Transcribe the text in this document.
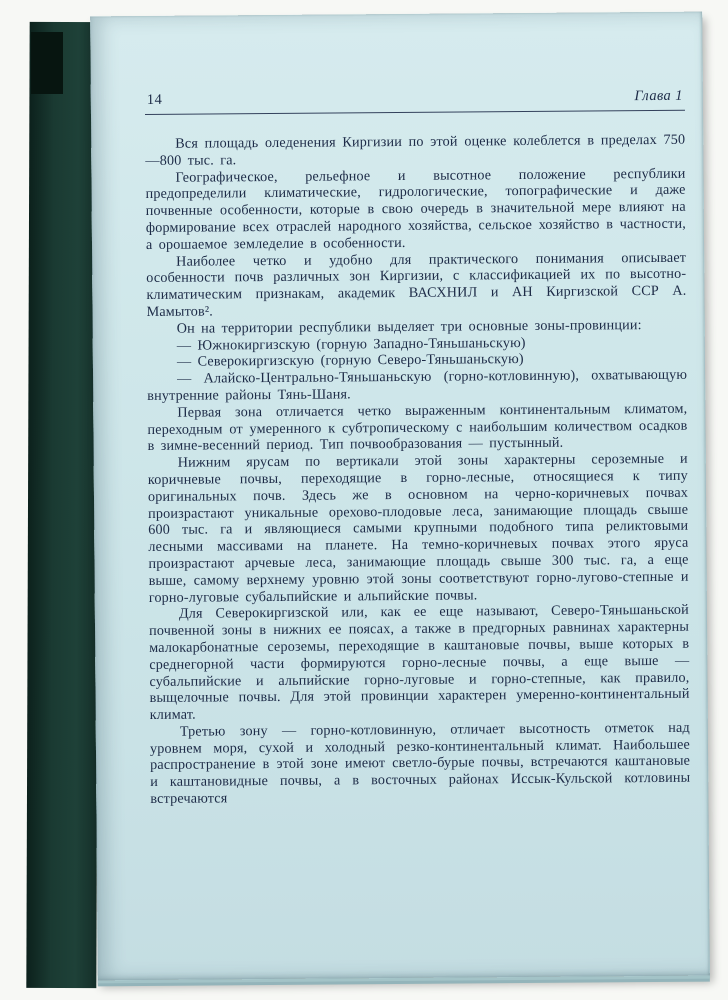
14	Глава 1

Вся площадь оледенения Киргизии по этой оценке колеблется в пределах 750—800 тыс. га.

Географическое, рельефное и высотное положение республики предопределили климатические, гидрологические, топографические и даже почвенные особенности, которые в свою очередь в значительной мере влияют на формирование всех отраслей народного хозяйства, сельское хозяйство в частности, а орошаемое земледелие в особенности.

Наиболее четко и удобно для практического понимания описывает особенности почв различных зон Киргизии, с классификацией их по высотно-климатическим признакам, академик ВАСХНИЛ и АН Киргизской ССР А. Мамытов².

Он на территории республики выделяет три основные зоны-провинции:

— Южнокиргизскую (горную Западно-Тяньшаньскую)

— Северокиргизскую (горную Северо-Тяньшаньскую)

— Алайско-Центрально-Тяньшаньскую (горно-котловинную), охватывающую внутренние районы Тянь-Шаня.

Первая зона отличается четко выраженным континентальным климатом, переходным от умеренного к субтропическому с наибольшим количеством осадков в зимне-весенний период. Тип почвообразования — пустынный.

Нижним ярусам по вертикали этой зоны характерны сероземные и коричневые почвы, переходящие в горно-лесные, относящиеся к типу оригинальных почв. Здесь же в основном на черно-коричневых почвах произрастают уникальные орехово-плодовые леса, занимающие площадь свыше 600 тыс. га и являющиеся самыми крупными подобного типа реликтовыми лесными массивами на планете. На темно-коричневых почвах этого яруса произрастают арчевые леса, занимающие площадь свыше 300 тыс. га, а еще выше, самому верхнему уровню этой зоны соответствуют горно-лугово-степные и горно-луговые субальпийские и альпийские почвы.

Для Северокиргизской или, как ее еще называют, Северо-Тяньшаньской почвенной зоны в нижних ее поясах, а также в предгорных равнинах характерны малокарбонатные сероземы, переходящие в каштановые почвы, выше которых в среднегорной части формируются горно-лесные почвы, а еще выше — субальпийские и альпийские горно-луговые и горно-степные, как правило, выщелочные почвы. Для этой провинции характерен умеренно-континентальный климат.

Третью зону — горно-котловинную, отличает высотность отметок над уровнем моря, сухой и холодный резко-континентальный климат. Наибольшее распространение в этой зоне имеют светло-бурые почвы, встречаются каштановые и каштановидные почвы, а в восточных районах Иссык-Кульской котловины встречаются
